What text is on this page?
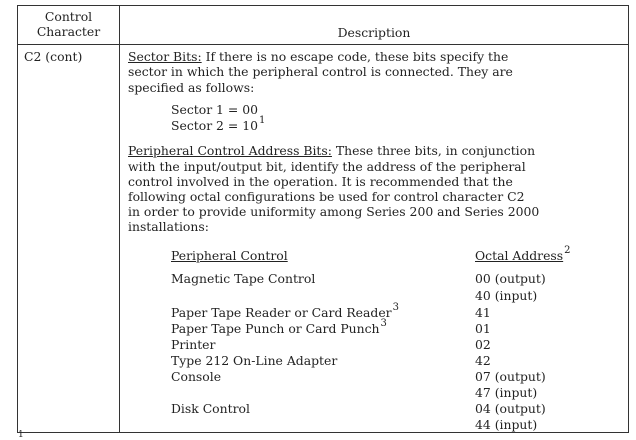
Control
Character	Description
C2 (cont)	Sector Bits: If there is no escape code, these bits specify the
sector in which the peripheral control is connected. They are
specified as follows:
Sector 1 = 00
Sector $2 = 10^1$
Peripheral Control Address Bits: These three bits, in conjunction
with the input/output bit, identify the address of the peripheral
control involved in the operation. It is recommended that the
following octal configurations be used for control character C2
in order to provide uniformity among Series 200 and Series 2000
installations:
Peripheral Control	Octal Address$^2$
Magnetic Tape Control	00 (output)
40 (input)
Paper Tape Reader or Card Reader$^3$	41
Paper Tape Punch or Card Punch$^3$	01
Printer	02
Type 212 On-Line Adapter	42
Console	07 (output)
47 (input)
Disk Control	04 (output)
44 (input)
1
